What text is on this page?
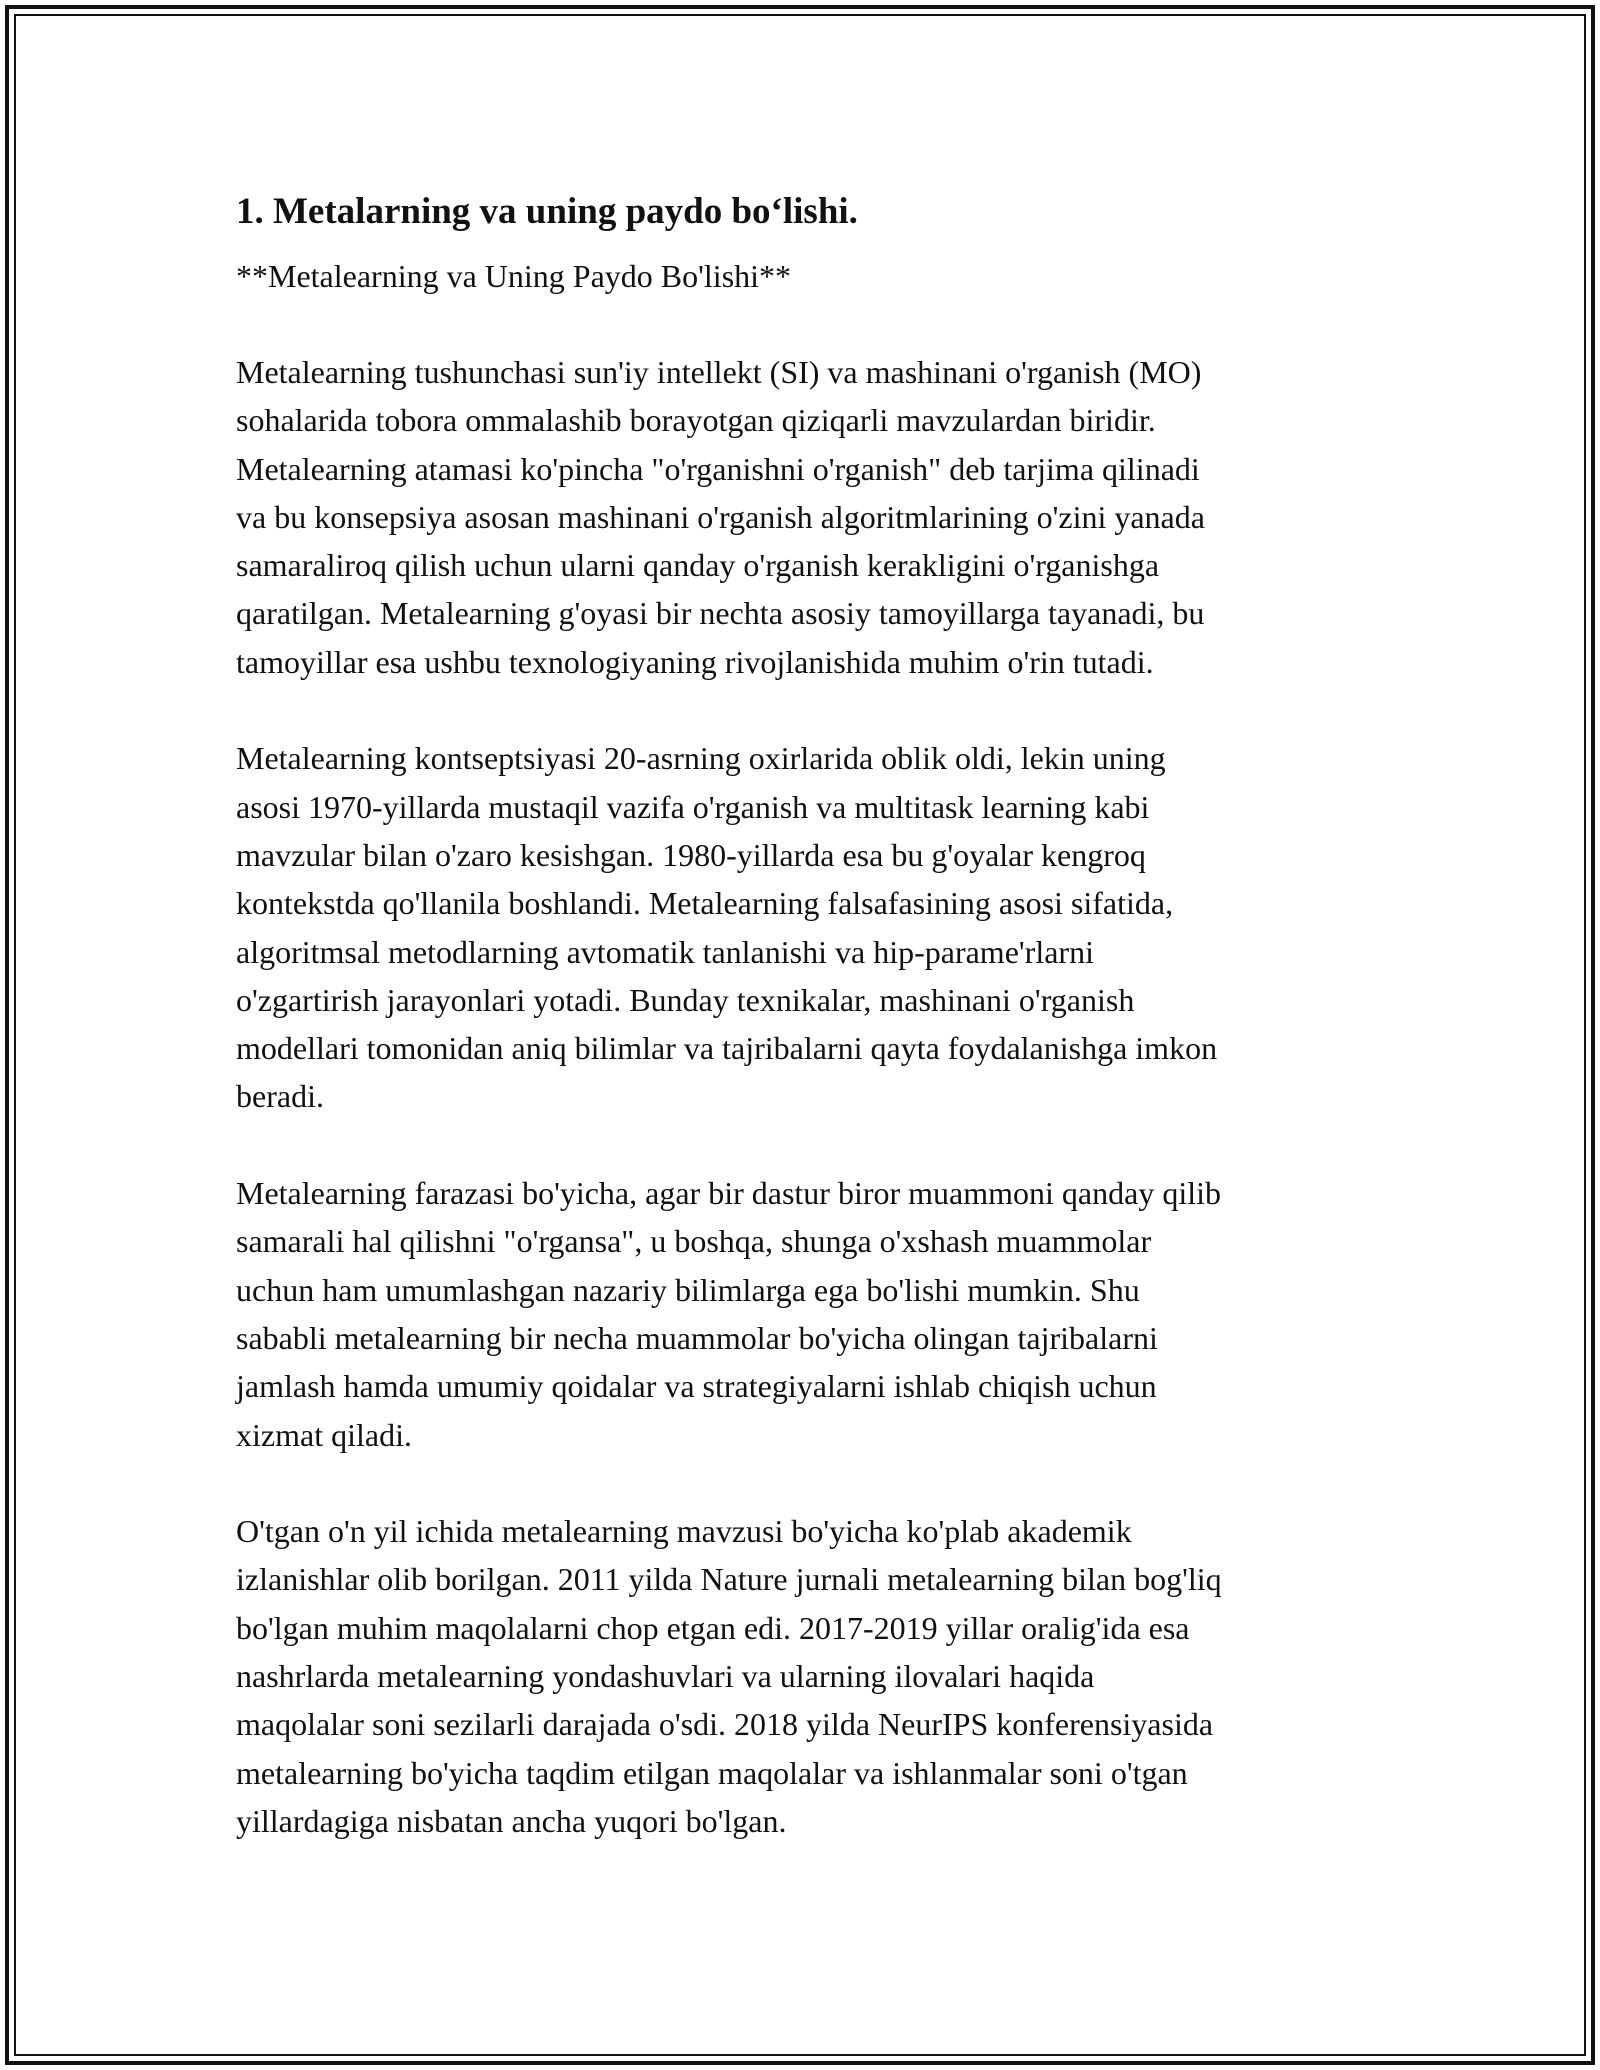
1. Metalarning va uning paydo bo‘lishi.
**Metalearning va Uning Paydo Bo'lishi**
Metalearning tushunchasi sun'iy intellekt (SI) va mashinani o'rganish (MO)
sohalarida tobora ommalashib borayotgan qiziqarli mavzulardan biridir.
Metalearning atamasi ko'pincha "o'rganishni o'rganish" deb tarjima qilinadi
va bu konsepsiya asosan mashinani o'rganish algoritmlarining o'zini yanada
samaraliroq qilish uchun ularni qanday o'rganish kerakligini o'rganishga
qaratilgan. Metalearning g'oyasi bir nechta asosiy tamoyillarga tayanadi, bu
tamoyillar esa ushbu texnologiyaning rivojlanishida muhim o'rin tutadi.
Metalearning kontseptsiyasi 20-asrning oxirlarida oblik oldi, lekin uning
asosi 1970-yillarda mustaqil vazifa o'rganish va multitask learning kabi
mavzular bilan o'zaro kesishgan. 1980-yillarda esa bu g'oyalar kengroq
kontekstda qo'llanila boshlandi. Metalearning falsafasining asosi sifatida,
algoritmsal metodlarning avtomatik tanlanishi va hip-parame'rlarni
o'zgartirish jarayonlari yotadi. Bunday texnikalar, mashinani o'rganish
modellari tomonidan aniq bilimlar va tajribalarni qayta foydalanishga imkon
beradi.
Metalearning farazasi bo'yicha, agar bir dastur biror muammoni qanday qilib
samarali hal qilishni "o'rgansa", u boshqa, shunga o'xshash muammolar
uchun ham umumlashgan nazariy bilimlarga ega bo'lishi mumkin. Shu
sababli metalearning bir necha muammolar bo'yicha olingan tajribalarni
jamlash hamda umumiy qoidalar va strategiyalarni ishlab chiqish uchun
xizmat qiladi.
O'tgan o'n yil ichida metalearning mavzusi bo'yicha ko'plab akademik
izlanishlar olib borilgan. 2011 yilda Nature jurnali metalearning bilan bog'liq
bo'lgan muhim maqolalarni chop etgan edi. 2017-2019 yillar oralig'ida esa
nashrlarda metalearning yondashuvlari va ularning ilovalari haqida
maqolalar soni sezilarli darajada o'sdi. 2018 yilda NeurIPS konferensiyasida
metalearning bo'yicha taqdim etilgan maqolalar va ishlanmalar soni o'tgan
yillardagiga nisbatan ancha yuqori bo'lgan.
